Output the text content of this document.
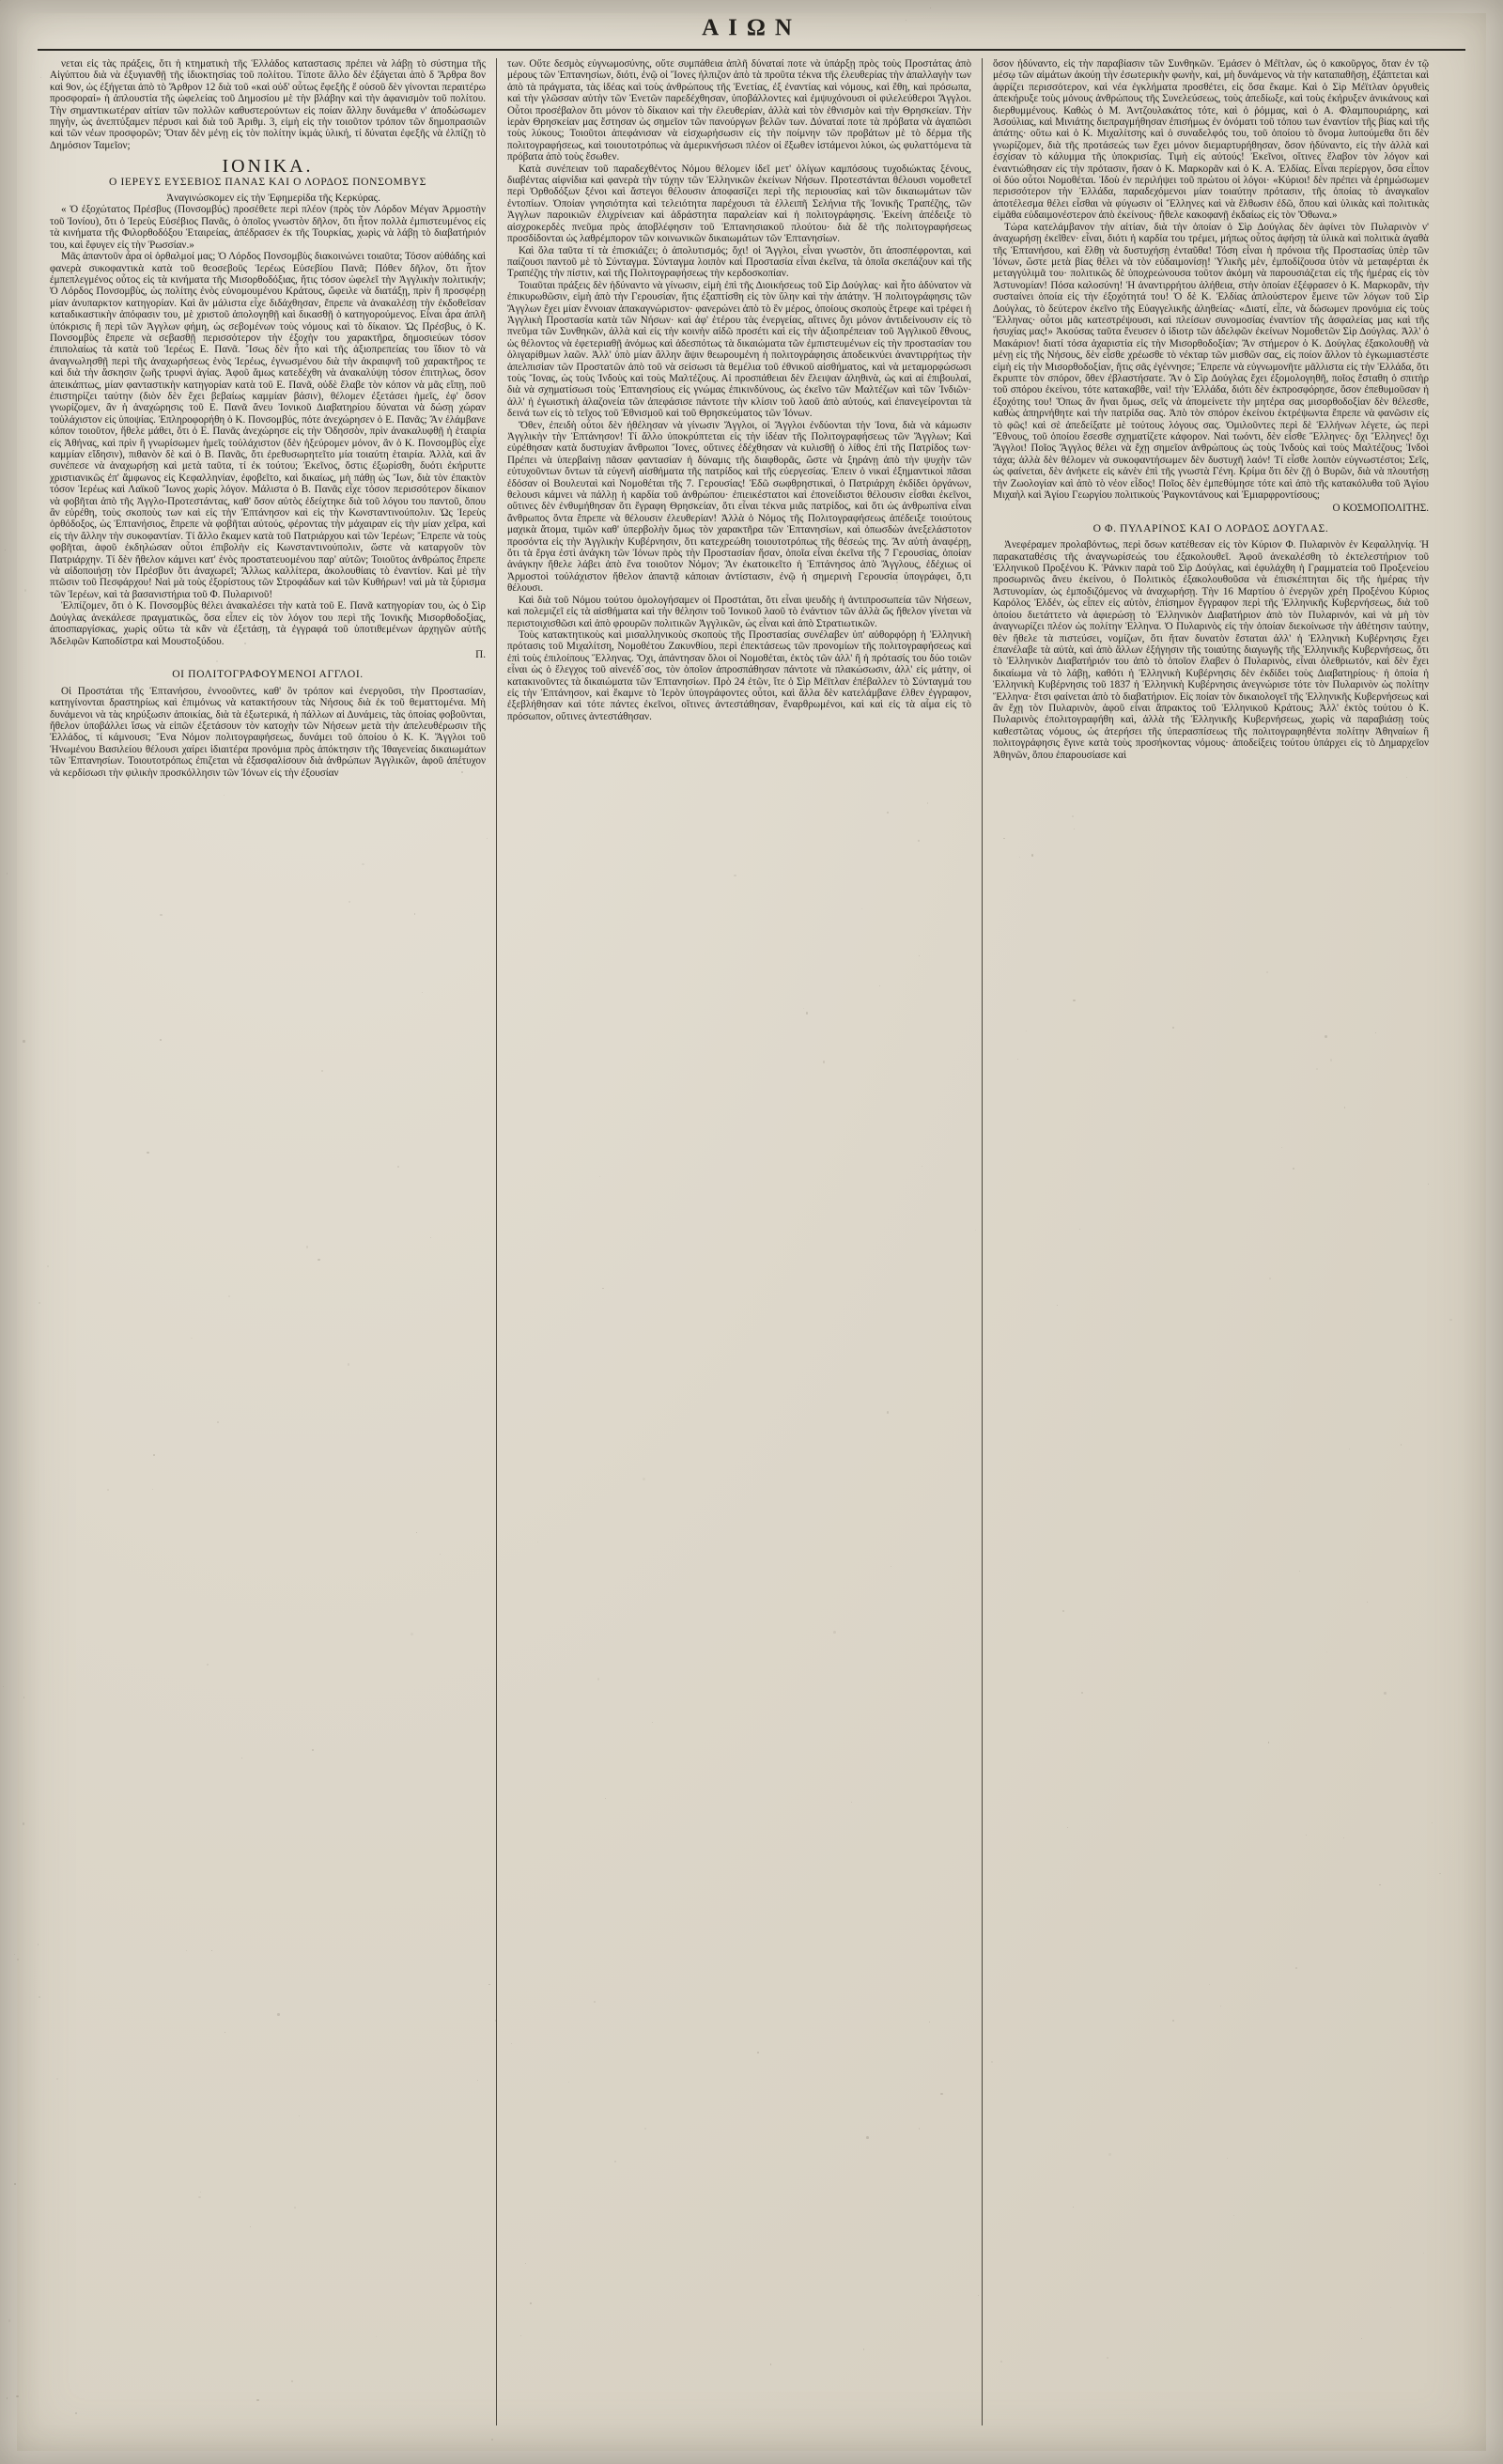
ΑΙΩΝ

νεται εἰς τὰς πράξεις, ὅτι ἡ κτηματικὴ τῆς Ἑλλάδος καταστασις πρέπει νὰ λάβῃ τὸ σύστημα τῆς Αἰγύπτου διὰ νὰ ἐξυγιανθῇ τῆς ἰδιοκτησίας τοῦ πολίτου. Τίποτε ἄλλο δὲν ἐξάγεται ἀπὸ δ Ἄρθρα 8ον καὶ 9ον, ὡς ἐξήγεται ἀπὸ τὸ Ἄρθρον 12 διὰ τοῦ «καὶ οὐδ' οὗτως ἔφεξῆς ἔ οὐσοῦ δὲν γίνονται περαιτέρω προσφοραί» ἡ ἀπλουστία τῆς ὠφελείας τοῦ Δημοσίου μὲ τὴν βλάβην καὶ τὴν ἀφανισμὸν τοῦ πολίτου. Τὴν σημαντικωτέραν αἰτίαν τῶν πολλῶν καθυστερούντων εἰς ποίαν ἄλλην δυνάμεθα ν' ἀποδώσωμεν πηγὴν, ὡς ἀνεπτύξαμεν πέρυσι καὶ διὰ τοῦ Ἀριθμ. 3, εἰμὴ εἰς τὴν τοιοῦτον τρόπον τῶν δημοπρασιῶν καὶ τῶν νέων προσφορῶν; Ὅταν δὲν μένῃ εἰς τὸν πολίτην ἱκμάς ὑλική, τί δύναται ἐφεξῆς νὰ ἐλπίζῃ τὸ Δημόσιον Ταμεῖον;

ΙΟΝΙΚΑ.
Ο ΙΕΡΕΥΣ ΕΥΣΕΒΙΟΣ ΠΑΝΑΣ ΚΑΙ Ο ΛΟΡΔΟΣ ΠΟΝΣΟΜΒΥΣ

Ἀναγινώσκομεν εἰς τὴν Ἐφημερίδα τῆς Κερκύρας.

« Ὁ ἐξοχώτατος Πρέσβυς (Πονσομβύς) προσέθετε περὶ πλέον (πρὸς τὸν Λόρδον Μέγαν Ἁρμοστὴν τοῦ Ἰονίου), ὅτι ὁ Ἱερεὺς Εὐσέβιος Πανᾶς, ὁ ὁποῖος γνωστὸν δῆλον, ὅτι ἦτον πολλὰ ἐμπιστευμένος εἰς τὰ κινήματα τῆς Φιλορθοδόξου Ἑταιρείας, ἀπέδρασεν ἐκ τῆς Τουρκίας, χωρὶς νὰ λάβῃ τὸ διαβατήριόν του, καὶ ἔφυγεν εἰς τὴν Ῥωσσίαν.»

Μᾶς ἀπαντοῦν ἆρα οἱ ὀρθαλμοί μας; Ὁ Λόρδος Πονσομβὺς διακοινώνει τοιαῦτα; Τόσον αὐθάδης καὶ φανερὰ συκοφαντικὰ κατὰ τοῦ θεοσεβοῦς Ἱερέως Εὐσεβίου Πανᾶ; Πόθεν δῆλον, ὅτι ἦτον ἐμπεπλεγμένος οὗτος εἰς τὰ κινήματα τῆς Μισορθοδόξιας, ἥτις τόσον ὠφελεῖ τὴν Ἀγγλικὴν πολιτικήν; Ὁ Λόρδος Πονσομβὺς, ὡς πολίτης ἐνὸς εὐνομουμένου Κράτους, ὤφειλε νὰ διατάξῃ, πρὶν ἢ προσφέρῃ μίαν ἀνυπαρκτον κατηγορίαν. Καὶ ἂν μάλιστα εἶχε διδάχθησαν, ἔπρεπε νὰ ἀνακαλέσῃ τὴν ἐκδοθεῖσαν καταδικαστικὴν ἀπόφασιν του, μὲ χριστοῦ ἀπολογηθῇ καὶ δικασθῇ ὁ κατηγορούμενος. Εἶναι ἆρα ἀπλῆ ὑπόκρισις ἢ περὶ τῶν Ἀγγλων φήμη, ὡς σεβομένων τοὺς νόμους καὶ τὸ δίκαιον. Ὡς Πρέσβυς, ὁ Κ. Πονσομβὺς ἔπρεπε νὰ σεβασθῇ περισσότερον τὴν ἐξοχὴν του χαρακτῆρα, δημοσιεύων τόσον ἐπιπολαίως τὰ κατὰ τοῦ Ἱερέως Ε. Πανᾶ. Ἴσως δὲν ἦτο καὶ τῆς ἀξιοπρεπείας του ἴδιον τὸ νὰ ἀναγνωλησθῇ περὶ τῆς ἀναχωρήσεως ἑνὸς Ἱερέως, ἐγνωσμένου διὰ τὴν ἀκραιφνῆ τοῦ χαρακτῆρος τε καὶ διὰ τὴν ἄσκησιν ζωῆς τρυφνὶ ἁγίας. Ἀφοῦ ἅμως κατεδέχθη νὰ ἀνακαλύψῃ τόσον ἐπιτηλως, ὅσον ἀπεικάπτως, μίαν φανταστικὴν κατηγορίαν κατὰ τοῦ Ε. Πανᾶ, οὐδὲ ἔλαβε τὸν κόπον νὰ μᾶς εἴπῃ, ποῦ ἐπιστηρίζει ταύτην (διὸν δὲν ἔχει βεβαίως καμμίαν βάσιν), θέλομεν ἐξετάσει ἡμεῖς, ἐφ' ὅσον γνωρίζομεν, ἂν ἡ ἀναχώρησις τοῦ Ε. Πανᾶ ἄνευ Ἰονικοῦ Διαβατηρίου δύναται νὰ δώσῃ χώραν τοὐλάχιστον εἰς ὑποψίας. Ἐπληροφορήθη ὁ Κ. Πονσομβύς, πότε ἀνεχώρησεν ὁ Ε. Πανᾶς; Ἂν ἐλάμβανε κόπον τοιοῦτον, ἤθελε μάθει, ὅτι ὁ Ε. Πανᾶς ἀνεχώρησε εἰς τὴν Ὀδησσὸν, πρὶν ἀνακαλυφθῇ ἡ ἑταιρία εἰς Ἀθήνας, καὶ πρὶν ἢ γνωρίσωμεν ἡμεῖς τοὐλάχιστον (δὲν ἠξεύρομεν μόνον, ἂν ὁ Κ. Πονσομβὺς εἶχε καμμίαν εἴδησιν), πιθανὸν δὲ καὶ ὁ Β. Πανᾶς, ὅτι ἐρεθυσωρητεῖτο μία τοιαύτη ἑταιρία. Ἀλλὰ, καὶ ἂν συνέπεσε νὰ ἀναχωρήσῃ καὶ μετὰ ταῦτα, τί ἐκ τούτου; Ἐκεῖνος, ὅστις ἐξωρίσθη, δυότι ἐκήρυττε χριστιανικῶς ἐπ' ἄμφωνος εἰς Κεφαλληνίαν, ἐφοβεῖτο, καὶ δικαίως, μὴ πάθῃ ὡς Ἴων, διὰ τὸν ἐπακτὸν τόσον Ἱερέως καὶ Λαϊκοῦ Ἴωνος χωρὶς λόγον. Μάλιστα ὁ Β. Πανᾶς εἶχε τόσον περισσότερον δίκαιον νὰ φοβῆται ἀπὸ τῆς Ἀγγλο-Προτεστάντας, καθ' ὅσον αὐτὸς ἐδείχτηκε διὰ τοῦ λόγου του παντοῦ, ὅπου ἂν εὑρέθη, τοὺς σκοποὺς των καὶ εἰς τὴν Ἐπτάνησον καὶ εἰς τὴν Κωνσταντινούπολιν. Ὡς Ἱερεὺς ὀρθόδοξος, ὡς Ἑπτανήσιος, ἔπρεπε νὰ φοβῆται αὐτούς, φέροντας τὴν μάχαιραν εἰς τὴν μίαν χεῖρα, καὶ εἰς τὴν ἄλλην τὴν συκοφαντίαν. Τί ἄλλο ἔκαμεν κατὰ τοῦ Πατριάρχου καὶ τῶν Ἱερέων; Ἔπρεπε νὰ τοὺς φοβῆται, ἀφοῦ ἐκδηλώσαν οὗτοι ἐπιβολὴν εἰς Κωνσταντινούπολιν, ὥστε νὰ καταργοῦν τὸν Πατριάρχην. Τί δὲν ἤθελον κάμνει κατ' ἐνὸς προστατευομένου παρ' αὐτῶν; Τοιοῦτος ἀνθρώπος ἔπρεπε νὰ αἰδοποιήσῃ τὸν Πρέσβυν ὅτι ἀναχωρεῖ; Ἄλλως καλλίτερα, ἀκολουθίαις τὸ ἐναντίον. Καὶ μὲ τὴν πτῶσιν τοῦ Πεσφάρχου! Ναὶ μὰ τοὺς ἐξορίστους τῶν Στροφάδων καὶ τῶν Κυθήρων! ναὶ μὰ τὰ ξύρισμα τῶν Ἱερέων, καὶ τὰ βασανιστήρια τοῦ Φ. Πυλαρινοῦ!

Ἐλπίζομεν, ὅτι ὁ Κ. Πονσομβὺς θέλει ἀνακαλέσει τὴν κατὰ τοῦ Ε. Πανᾶ κατηγορίαν του, ὡς ὁ Σὶρ Δούγλας ἀνεκάλεσε πραγματικῶς, ὅσα εἶπεν εἰς τὸν λόγον του περὶ τῆς Ἰονικῆς Μισορθοδοξίας, ἀποσπαργίσκας, χωρὶς οὕτω τὰ κἂν νὰ ἐξετάσῃ, τὰ ἐγγραφά τοῦ ὑποτιθεμένων ἀρχηγῶν αὐτῆς Ἀδελφῶν Καποδίστρα καὶ Μουστοξύδου.

Π.
ΟΙ ΠΟΛΙΤΟΓΡΑΦΟΥΜΕΝΟΙ ΑΓΓΛΟΙ.

Οἱ Προστάται τῆς Ἑπτανήσου, ἐννοοῦντες, καθ' ὃν τρόπον καὶ ἐνεργοῦσι, τὴν Προστασίαν, κατηγίνονται δραστηρίως καὶ ἐπιμόνως νὰ κατακτήσουν τὰς Νήσους διὰ ἐκ τοῦ θεματτομένα. Μὴ δυνάμενοι νὰ τὰς κηρύξωσιν ἀποικίας, διὰ τὰ ἐξωτερικά, ἡ πάλλων αἱ Δυνάμεις, τὰς ὁποίας φοβοῦνται, ἤθελον ὑποβάλλει ἴσως νὰ εἰπῶν ἐξετάσουν τὸν κατοχὴν τῶν Νήσεων μετὰ τὴν ἀπελευθέρωσιν τῆς Ἑλλάδος, τί κάμνουσι; Ἕνα Νόμον πολιτογραφήσεως, δυνάμει τοῦ ὁποίου ὁ Κ. Κ. Ἄγγλοι τοῦ Ἡνωμένου Βασιλείου θέλουσι χαίρει ἰδιαιτέρα προνόμια πρὸς ἀπόκτησιν τῆς Ἰθαγενείας δικαιωμάτων τῶν Ἑπτανησίων. Τοιουτοτρόπως ἐπιζεται νὰ ἐξασφαλίσουν διὰ ἀνθρώπων Ἀγγλικῶν, ἀφοῦ ἀπέτυχον νὰ κερδίσωσι τὴν φιλικὴν προσκόλλησιν τῶν Ἰόνων εἰς τὴν ἐξουσίαν

των. Οὔτε δεσμὸς εὐγνωμοσύνης, οὔτε συμπάθεια ἁπλῆ δύναταί ποτε νὰ ὑπάρξῃ πρὸς τοὺς Προστάτας ἀπὸ μέρους τῶν Ἑπτανησίων, διότι, ἐνῷ οἱ Ἴονες ἠλπιζον ἀπὸ τὰ προῦτα τέκνα τῆς ἐλευθερίας τὴν ἀπαλλαγὴν των ἀπὸ τὰ πράγματα, τὰς ἰδέας καὶ τοὺς ἀνθρώπους τῆς Ἑνετίας, ἐξ ἐναντίας καὶ νόμους, καὶ ἔθη, καὶ πρόσωπα, καὶ τὴν γλῶσσαν αὐτὴν τῶν Ἑνετῶν παρεδέχθησαν, ὑποβάλλοντες καὶ ἐμψυχόνουσι οἱ φιλελεύθεροι Ἄγγλοι. Οὗτοι προσέβαλον ὅτι μόνον τὸ δίκαιον καὶ τὴν ἐλευθερίαν, ἀλλὰ καὶ τὸν ἐθνισμὸν καὶ τὴν Θρησκείαν. Τὴν ἱερὰν Θρησκείαν μας ἕστησαν ὡς σημεῖον τῶν πανούργων βελῶν των. Δύναταί ποτε τὰ πρόβατα νὰ ἀγαπῶσι τοὺς λύκους; Τοιοῦτοι ἀπεφάνισαν νὰ εἰσχωρήσωσιν εἰς τὴν ποίμνην τῶν προβάτων μὲ τὸ δέρμα τῆς πολιτογραφήσεως, καὶ τοιουτοτρόπως νὰ ἀμερικνήσωσι πλέον οἱ ἔξωθεν ἱστάμενοι λύκοι, ὡς φυλαττόμενα τὰ πρόβατα ἀπὸ τοὺς ἔσωθεν.

Κατὰ συνέπειαν τοῦ παραδεχθέντος Νόμου θέλομεν ἰδεῖ μετ' ὀλίγων καμπόσους τυχοδιώκτας ξένους, διαβέντας αἰφνίδια καὶ φανερὰ τὴν τύχην τῶν Ἑλληνικῶν ἐκείνων Νήσων. Προτεστάνται θέλουσι νομοθετεῖ περὶ Ὀρθοδόξων ξένοι καὶ ἄστεγοι θέλουσιν ἀποφασίζει περὶ τῆς περιουσίας καὶ τῶν δικαιωμάτων τῶν ἐντοπίων. Ὁποίαν γνησιότητα καὶ τελειότητα παρέχουσι τὰ ἑλλειπῆ Σελήνια τῆς Ἰονικῆς Τραπέζης, τῶν Ἀγγλων παροικιῶν ἐλιχρίνειαν καὶ ἀδράστητα παραλείαν καὶ ἡ πολιτογράφησις. Ἐκείνη ἀπέδειξε τὸ αἰσχροκερδὲς πνεῦμα πρὸς ἀποβλέφησιν τοῦ Ἑπτανησιακοῦ πλούτου· διὰ δὲ τῆς πολιτογραφήσεως προσδίδονται ὡς λαθρέμπορον τῶν κοινωνικῶν δικαιωμάτων τῶν Ἑπτανησίων.

Καὶ ὅλα ταῦτα τί τὰ ἐπισκιάζει; ὁ ἀπολυτισμός; ὄχι! οἱ Ἄγγλοι, εἶναι γνωστὸν, ὅτι ἀποσπέφρονται, καὶ παίζουσι παντοῦ μὲ τὸ Σύνταγμα. Σύνταγμα λοιπὸν καὶ Προστασία εἶναι ἐκεῖνα, τὰ ὁποῖα σκεπάζουν καὶ τῆς Τραπέζης τὴν πίστιν, καὶ τῆς Πολιτογραφήσεως τὴν κερδοσκοπίαν.

Τοιαῦται πράξεις δὲν ἠδύναντο νὰ γίνωσιν, εἰμὴ ἐπὶ τῆς Διοικήσεως τοῦ Σὶρ Δούγλας· καὶ ἦτο ἀδύνατον νὰ ἐπικυρωθῶσιν, εἰμὴ ἀπὸ τὴν Γερουσίαν, ἥτις ἐξαπτίσθη εἰς τὸν ὕλην καὶ τὴν ἀπάτην. Ἡ πολιτογράφησις τῶν Ἄγγλων ἔχει μίαν ἔννοιαν ἀπακαγνώριστον· φανερώνει ἀπὸ τὸ ἓν μέρος, ὁποίους σκοποὺς ἔτρεφε καὶ τρέφει ἡ Ἀγγλικὴ Προστασία κατὰ τῶν Νήσων· καὶ ἀφ' ἑτέρου τὰς ἐνεργείας, αἵτινες ὄχι μόνον ἀντιδείνουσιν εἰς τὸ πνεῦμα τῶν Συνθηκῶν, ἀλλὰ καὶ εἰς τὴν κοινὴν αἰδῶ προσέτι καὶ εἰς τὴν ἀξιοπρέπειαν τοῦ Ἀγγλικοῦ ἔθνους, ὡς θέλοντος νὰ ἐφετεριαθῇ ἀνόμως καὶ ἀδεσπότως τὰ δικαιώματα τῶν ἐμπιστευμένων εἰς τὴν προστασίαν του ὀλιγαρίθμων λαῶν. Ἀλλ' ὑπὸ μίαν ἄλλην ἄψιν θεωρουμένη ἡ πολιτογράφησις ἀποδεικνύει ἀναντιρρήτως τὴν ἀπελπισίαν τῶν Προστατῶν ἀπὸ τοῦ νὰ σείσωσι τὰ θεμέλια τοῦ ἐθνικοῦ αἰσθήματος, καὶ νὰ μεταμορφώσωσι τοὺς Ἴονας, ὡς τοὺς Ἰνδοὺς καὶ τοὺς Μαλτέζους. Αἱ προσπάθειαι δὲν ἔλειψαν ἀληθινὰ, ὡς καὶ αἱ ἐπιβουλαί, διὰ νὰ σχηματίσωσι τοὺς Ἑπτανησίους εἰς γνώμας ἐπικινδύνους, ὡς ἐκεῖνο τῶν Μαλτέζων καὶ τῶν Ἰνδιῶν· ἀλλ' ἡ ἐγωιστικὴ ἀλαζονεία τῶν ἀπεφάσισε πάντοτε τὴν κλίσιν τοῦ λαοῦ ἀπὸ αὐτούς, καὶ ἐπανεγείρονται τὰ δεινά των εἰς τὸ τεῖχος τοῦ Ἐθνισμοῦ καὶ τοῦ Θρησκεύματος τῶν Ἰόνων.

Ὅθεν, ἐπειδὴ οὗτοι δὲν ἠθέλησαν νὰ γίνωσιν Ἄγγλοι, οἱ Ἄγγλοι ἐνδύονται τὴν Ἰονα, διὰ νὰ κάμωσιν Ἀγγλικὴν τὴν Ἑπτάνησον! Τί ἄλλο ὑποκρύπτεται εἰς τὴν ἰδέαν τῆς Πολιτογραφήσεως τῶν Ἄγγλων; Καὶ εὑρέθησαν κατὰ δυστυχίαν ἄνθρωποι Ἴονες, οὕτινες ἐδέχθησαν νὰ κυλισθῇ ὁ λίθος ἐπὶ τῆς Πατρίδος των· Πρέπει νὰ ὑπερβαίνῃ πᾶσαν φαντασίαν ἡ δύναμις τῆς διαφθορᾶς, ὥστε νὰ ξηράνῃ ἀπὸ τὴν ψυχὴν τῶν εὐτυχοῦντων ὄντων τὰ εὐγενῆ αἰσθήματα τῆς πατρίδος καὶ τῆς εὐεργεσίας. Ἐπειν ὁ νικαὶ ἐξημαντικοὶ πᾶσαι ἐδόσαν οἱ Βουλευταὶ καὶ Νομοθέται τῆς 7. Γερουσίας! Ἐδῶ σωφθρηστικαὶ, ὁ Πατριάρχη ἐκδίδει ὀργάνων, θελουσι κάμνει νὰ πάλλῃ ἡ καρδία τοῦ ἀνθρώπου· ἐπιεικέστατοι καὶ ἐπονείδιστοι θέλουσιν εἶσθαι ἐκεῖνοι, οὕτινες δὲν ἐνθυμήθησαν ὅτι ἔγραφη Θρησκείαν, ὅτι εἶναι τέκνα μιᾶς πατρίδος, καὶ ὅτι ὡς ἀνθρωπίνα εἶναι ἄνθρωπος ὄντα ἔπρεπε νὰ θέλουσιν ἐλευθερίαν! Ἀλλὰ ὁ Νόμος τῆς Πολιτογραφήσεως ἀπέδειξε τοιούτους μαχικὰ ἄτομα, τιμῶν καθ' ὑπερβολὴν ὅμως τὸν χαρακτῆρα τῶν Ἑπτανησίων, καὶ ὁπωσδὼν ἀνεξελάστοτον προσόντα εἰς τὴν Ἀγγλικὴν Κυβέρνησιν, ὅτι κατεχρεώθη τοιουτοτρόπως τῆς θέσεώς της. Ἂν αὐτὴ ἀναφέρῃ, ὅτι τὰ ἔργα ἐστὶ ἀνάγκη τῶν Ἰόνων πρὸς τὴν Προστασίαν ἤσαν, ὁποῖα εἶναι ἐκεῖνα τῆς 7 Γερουσίας, ὁποίαν ἀνάγκην ἤθελε λάβει ἀπὸ ἕνα τοιοῦτον Νόμον; Ἂν ἐκατοικεῖτο ἡ Ἑπτάνησος ἀπὸ Ἄγγλους, ἐδέχιως οἱ Ἁρμοστοὶ τοὐλάχιστον ἤθελον ἀπαντᾷ κἀποιαν ἀντίστασιν, ἐνῷ ἡ σημερινὴ Γερουσία ὑπογράφει, ὅ,τι θέλουσι.

Καὶ διὰ τοῦ Νόμου τούτου ὁμολογήσαμεν οἱ Προστάται, ὅτι εἶναι ψευδὴς ἡ ἀντιπροσωπεία τῶν Νήσεων, καὶ πολεμιζεῖ εἰς τὰ αἰσθήματα καὶ τὴν θέλησιν τοῦ Ἰονικοῦ λαοῦ τὸ ἐνάντιον τῶν ἀλλὰ ὥς ἤθελον γίνεται νὰ περιστοιχισθῶσι καὶ ἀπὸ φρουρῶν πολιτικῶν Ἀγγλικῶν, ὡς εἶναι καὶ ἀπὸ Στρατιωτικῶν.

Τοὺς κατακτητικοὺς καὶ μισαλληνικοὺς σκοποὺς τῆς Προστασίας συνέλαβεν ὑπ' αὐθορφόρῃ ἡ Ἑλληνικὴ πρότασις τοῦ Μιχαλίτση, Νομοθέτου Ζακυνθίου, περὶ ἐπεκτάσεως τῶν προνομίων τῆς πολιτογραφήσεως καὶ ἐπὶ τοὺς ἐπιλοίπους Ἕλληνας. Ὄχι, ἀπάντησαν ὅλοι οἱ Νομοθέται, ἐκτὸς τῶν ἀλλ' ἢ ἡ πρότασίς του δύο τοιῶν εἶναι ὡς ὁ ἔλεγχος τοῦ αἰνενέδ᾽σος, τὸν ὁποῖον ἀπροσπάθησαν πάντοτε νὰ πλακώσωσιν, ἀλλ' εἰς μάτην, οἱ κατακινοῦντες τὰ δικαιώματα τῶν Ἑπτανησίων. Πρὸ 24 ἐτῶν, ἵτε ὁ Σὶρ Μέϊτλαν ἐπέβαλλεν τὸ Σύνταγμά του εἰς τὴν Ἑπτάνησον, καὶ ἔκαμνε τὸ Ἱερὸν ὑπογράφοντες οὗτοι, καὶ ἄλλα δὲν κατελάμβανε ἐλθεν ἐγγραφον, ἐξεβλήθησαν καὶ τότε πάντες ἐκεῖνοι, οἵτινες ἀντεστάθησαν, ἔναρθρωμένοι, καὶ καὶ εἰς τὰ αἷμα εἰς τὸ πρόσωπον, οὕτινες ἀντεστάθησαν.

ὅσον ἠδύναντο, εἰς τὴν παραβίασιν τῶν Συνθηκῶν. Ἐμάσεν ὁ Μέϊτλαν, ὡς ὁ κακοῦργος, ὅταν ἐν τῷ μέσῳ τῶν αἱμάτων ἀκούῃ τὴν ἐσωτερικὴν φωνὴν, καὶ, μὴ δυνάμενος νὰ τὴν καταπαθῆσῃ, ἐξάπτεται καὶ ἀφρίζει περισσότερον, καὶ νέα ἐγκλήματα προσθέτει, εἰς ὅσα ἔκαμε. Καὶ ὁ Σὶρ Μέϊτλαν ὀργυθεὶς ἀπεκήρυξε τοὺς μόνους ἀνθρώπους τῆς Συνελεύσεως, τοὺς ἀπεδίωξε, καὶ τοὺς ἐκήρυξεν ἀνικάνους καὶ διερθυμμένους. Καθὼς ὁ Μ. Ἀντζουλακάτος τότε, καὶ ὁ ῥόμμας, καὶ ὁ Α. Φλαμπουριάρης, καὶ Ἀσούλιας, καὶ Μινιάτης διεπραγμήθησαν ἐπισήμως ἐν ὀνόματι τοῦ τόπου των ἐναντίον τῆς βίας καὶ τῆς ἀπάτης· οὕτω καὶ ὁ Κ. Μιχαλίτσης καὶ ὁ συναδελφός του, τοῦ ὁποίου τὸ ὄνομα λυπούμεθα ὅτι δὲν γνωρίζομεν, διὰ τῆς προτάσεώς των ἔχει μόνον διεμαρτυρήθησαν, ὅσον ἠδύναντο, εἰς τὴν ἀλλὰ καὶ ἐσχίσαν τὸ κάλυμμα τῆς ὑποκρισίας. Τιμὴ εἰς αὐτούς! Ἐκεῖνοι, οἵτινες ἔλαβον τὸν λόγον καὶ ἐναντιώθησαν εἰς τὴν πρότασιν, ἤσαν ὁ Κ. Μαρκορᾶν καὶ ὁ Κ. Α. Ἐλδίας. Εἶναι περίεργον, ὅσα εἶπον οἱ δύο οὗτοι Νομοθέται. Ἰδοὺ ἐν περιλήψει τοῦ πρώτου οἱ λόγοι· «Κύριοι! δὲν πρέπει νὰ ἐρημώσωμεν περισσότερον τὴν Ἑλλάδα, παραδεχόμενοι μίαν τοιαύτην πρότασιν, τῆς ὁποίας τὸ ἀναγκαῖον ἀποτέλεσμα θέλει εἶσθαι νὰ φύγωσιν οἱ Ἕλληνες καὶ νὰ ἔλθωσιν ἐδῶ, ὅπου καὶ ὑλικὰς καὶ πολιτικὰς εἱμᾶθα εὐδαιμονέστερον ἀπὸ ἐκείνους· ἤθελε κακοφανῇ ἐκδαίως εἰς τὸν Ὄθωνα.»

Τώρα κατελάμβανον τὴν αἰτίαν, διὰ τὴν ὁποίαν ὁ Σὶρ Δούγλας δὲν ἀφίνει τὸν Πυλαρινὸν ν' ἀναχωρήσῃ ἐκεῖθεν· εἶναι, διότι ἡ καρδία του τρέμει, μήπως οὗτος ἀφήσῃ τὰ ὑλικὰ καὶ πολιτικὰ ἀγαθὰ τῆς Ἑπτανήσου, καὶ ἔλθῃ νὰ δυστυχήσῃ ἐνταῦθα! Τόση εἶναι ἡ πρόνοια τῆς Προστασίας ὑπὲρ τῶν Ἰόνων, ὥστε μετὰ βίας θέλει νὰ τὸν εὐδαιμονίσῃ! Ὑλικῆς μὲν, ἐμποδίζουσα ὑτὸν νὰ μεταφέρται ἐκ μεταγγύλιμᾶ του· πολιτικῶς δὲ ὑποχρεώνουσα τοῦτον ἀκόμη νὰ παρουσιάζεται εἰς τῆς ἡμέρας εἰς τὸν Ἀστυνομίαν! Πόσα καλοσύνη! Ἡ ἀναντιρρήτου ἀλήθεια, στὴν ὁποίαν ἐξέφρασεν ὁ Κ. Μαρκορᾶν, τὴν συσταίνει ὁποία εἰς τὴν ἐξοχότητά του! Ὁ δὲ Κ. Ἐλδίας ἀπλούστερον ἔμεινε τῶν λόγων τοῦ Σὶρ Δούγλας, τὸ δεύτερον ἐκεῖνο τῆς Εὐαγγελικῆς ἀληθείας· «Διατί, εἶπε, νὰ δώσωμεν προνόμια εἰς τοὺς Ἕλληνας· οὗτοι μᾶς κατεστρέψουσι, καὶ πλείσων συνομοσίας ἐναντίον τῆς ἀσφαλείας μας καὶ τῆς ἡσυχίας μας!» Ἀκούσας ταῦτα ἔνευσεν ὁ ἰδιοτρ τῶν ἀδελφῶν ἐκείνων Νομοθετῶν Σὶρ Δούγλας. Ἀλλ' ὁ Μακάριον! διατί τόσα ἀχαριστία εἰς τὴν Μισορθοδοξίαν; Ἂν στήμερον ὁ Κ. Δούγλας ἐξακολουθῇ νὰ μένῃ εἰς τῆς Νήσους, δὲν εἶσθε χρέωσθε τὸ νέκταρ τῶν μισθῶν σας, εἰς ποίον ἄλλον τὸ ἐγκωμιαστέστε εἰμὴ εἰς τὴν Μισορθοδοξίαν, ἥτις σᾶς ἐγέννησε; Ἔπρεπε νὰ εὐγνωμονῆτε μᾶλλιστα εἰς τὴν Ἑλλάδα, ὅτι ἔκρυπτε τὸν σπόρον, ὅθεν ἐβλαστήσατε. Ἂν ὁ Σὶρ Δούγλας ἔχει ἐξομολογηθῆ, ποῖος ἔσταθη ὁ σπιτὴρ τοῦ σπόρου ἐκείνου, τότε κατακαβθε, ναὶ! τὴν Ἑλλάδα, διότι δὲν ἐκπροσφόρησε, ὅσον ἐπεθυμοῦσαν ἡ ἐξοχότης του! Ὅπως ἂν ἤναι ὅμως, σεῖς νὰ ἀπομείνετε τὴν μητέρα σας μισορθοδοξίαν δὲν θέλεσθε, καθὼς ἀπηρνήθητε καὶ τὴν πατρίδα σας. Ἀπὸ τὸν σπόρον ἐκείνου ἐκτρέψωντα ἔπρεπε νὰ φανῶσιν εἰς τὸ φῶς! καὶ σὲ ἀπεδείξατε μὲ τούτους λόγους σας. Ὁμιλοῦντες περὶ δὲ Ἑλλήνων λέγετε, ὡς περὶ Ἔθνους, τοῦ ὁποίου ἔσεσθε σχηματίζετε κάφορον. Ναὶ τωόντι, δὲν εἶσθε Ἕλληνες· ὄχι Ἕλληνες! ὄχι Ἄγγλοι! Ποῖος Ἄγγλος θέλει νὰ ἔχῃ σημεῖον ἀνθρώπους ὡς τοὺς Ἰνδοὺς καὶ τοὺς Μαλτέζους; Ἰνδοὶ τάχα; ἀλλὰ δὲν θέλομεν νὰ συκοφαντήσωμεν δὲν δυστυχῆ λαόν! Τί εἶσθε λοιπὸν εὐγνωστέστοι; Σεῖς, ὡς φαίνεται, δὲν ἀνήκετε εἰς κἀνὲν ἐπὶ τῆς γνωστὰ Γένη. Κρίμα ὅτι δὲν ζῇ ὁ Βυρῶν, διὰ νὰ πλουτήσῃ τὴν Ζωολογίαν καὶ ἀπὸ τὸ νέον εἶδος! Ποῖος δὲν ἐμπεθύμησε τότε καὶ ἀπὸ τῆς κατακόλυθα τοῦ Ἁγίου Μιχαὴλ καὶ Ἁγίου Γεωργίου πολιτικοὺς Ῥαγκοντάνους καὶ Ἐμιαρφροντίσους;

Ο ΚΟΣΜΟΠΟΛΙΤΗΣ.
Ο Φ. ΠΥΛΑΡΙΝΟΣ ΚΑΙ Ο ΛΟΡΔΟΣ ΔΟΥΓΛΑΣ.

Ἀνεφέραμεν προλαβόντως, περὶ ὅσων κατέθεσαν εἰς τὸν Κύριον Φ. Πυλαρινὸν ἐν Κεφαλληνίᾳ. Ἡ παρακαταθέσις τῆς ἀναγνωρίσεώς του ἐξακολουθεῖ. Ἀφοῦ ἀνεκαλέσθη τὸ ἐκτελεστήριον τοῦ Ἑλληνικοῦ Προξένου Κ. Ῥάνκιν παρὰ τοῦ Σὶρ Δούγλας, καὶ ἐφυλάχθη ἡ Γραμματεία τοῦ Προξενείου προσωρινῶς ἄνευ ἐκείνου, ὁ Πολιτικὸς ἐξακολουθοῦσα νὰ ἐπισκέπτηται δὶς τῆς ἡμέρας τὴν Ἀστυνομίαν, ὡς ἐμποδιζόμενος νὰ ἀναχωρήσῃ. Τὴν 16 Μαρτίου ὁ ἐνεργῶν χρέη Προξένου Κύριος Καρόλος Ἐλδέν, ὡς εἶπεν εἰς αὐτὸν, ἐπίσημον ἔγγραφον περὶ τῆς Ἑλληνικῆς Κυβερνήσεως, διὰ τοῦ ὁποίου διετάττετο νὰ ἀφιερώσῃ τὸ Ἑλληνικὸν Διαβατήριον ἀπὸ τὸν Πυλαρινόν, καὶ νὰ μὴ τὸν ἀναγνωρίζει πλέον ὡς πολίτην Ἑλληνα. Ὁ Πυλαρινὸς εἰς τὴν ὁποίαν διεκοίνωσε τὴν ἀθέτησιν ταύτην, θὲν ἤθελε τὰ πιστεύσει, νομίζων, ὅτι ἤταν δυνατὸν ἔσταται ἀλλ' ἡ Ἑλληνικὴ Κυβέρνησις ἔχει ἐπανέλαβε τὰ αὐτὰ, καὶ ἀπὸ ἄλλων ἐξήγησιν τῆς τοιαύτης διαγωγῆς τῆς Ἑλληνικῆς Κυβερνήσεως, ὅτι τὸ Ἑλληνικὸν Διαβατήριόν του ἀπὸ τὸ ὁποῖον ἔλαβεν ὁ Πυλαρινὸς, εἶναι ὀλεθριωτόν, καὶ δὲν ἔχει δικαίωμα νὰ τὸ λάβῃ, καθότι ἡ Ἑλληνικὴ Κυβέρνησις δὲν ἐκδίδει τοὺς Διαβατηρίους· ἡ ὁποία ἡ Ἑλληνικὴ Κυβέρνησις τοῦ 1837 ἡ Ἑλληνικὴ Κυβέρνησις ἀνεγνώρισε τότε τὸν Πυλαρινὸν ὡς πολίτην Ἕλληνα· ἔτσι φαίνεται ἀπὸ τὸ διαβατήριον. Εἰς ποίαν τὸν δικαιολογεῖ τῆς Ἑλληνικῆς Κυβερνήσεως καὶ ἂν ἔχῃ τὸν Πυλαρινὸν, ἀφοῦ εἶναι ἄπρακτος τοῦ Ἑλληνικοῦ Κράτους; Ἀλλ' ἐκτὸς τούτου ὁ Κ. Πυλαρινὸς ἐπολιτογραφήθη καὶ, ἀλλὰ τῆς Ἑλληνικῆς Κυβερνήσεως, χωρὶς νὰ παραβιάσῃ τοὺς καθεστῶτας νόμους, ὡς ἀτερήσει τῆς ὑπερασπίσεως τῆς πολιτογραφηθέντα πολίτην Ἀθηναίων ἢ πολιτογράφησις ἔγινε κατὰ τοὺς προσήκοντας νόμους· ἀποδείξεις τούτου ὑπάρχει εἰς τὸ Δημαρχεῖον Ἀθηνῶν, ὅπου ἐπαρουσίασε καὶ
